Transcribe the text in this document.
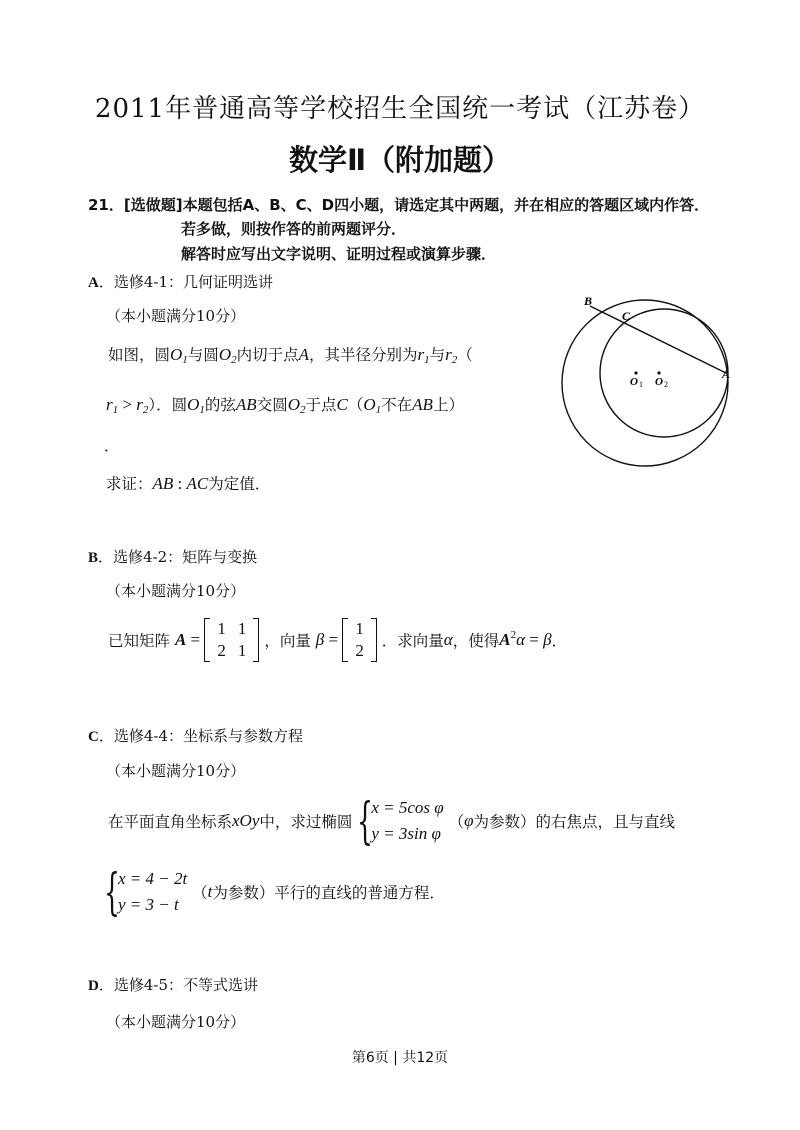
2011年普通高等学校招生全国统一考试（江苏卷）
数学Ⅱ（附加题）
21．[选做题]本题包括A、B、C、D四小题，请选定其中两题，并在相应的答题区域内作答．
若多做，则按作答的前两题评分．
解答时应写出文字说明、证明过程或演算步骤．
A．选修4-1：几何证明选讲
（本小题满分10分）
如图，圆$O_1$与圆$O_2$内切于点A，其半径分别为$r_1$与$r_2$（
$r_1 > r_2$）．圆$O_1$的弦AB交圆$O_2$于点$C(O_1$不在AB上）
．
求证：AB : AC为定值．
B
C
A
O 1 O 2
B．选修4-2：矩阵与变换
（本小题满分10分）
已知矩阵 A =
1	1
2	1 ，向量 β =
1
2 ．求向量α，使得$A^2\alpha = \beta$．
C．选修4-4：坐标系与参数方程
（本小题满分10分）
在平面直角坐标系xOy中，求过椭圆 {
x = 5cos φ
y = 3sin φ
（φ为参数）的右焦点，且与直线
{
x = 4 − 2t
y = 3 − t
（t为参数）平行的直线的普通方程．
D．选修4-5：不等式选讲
（本小题满分10分）
第6页 | 共12页
